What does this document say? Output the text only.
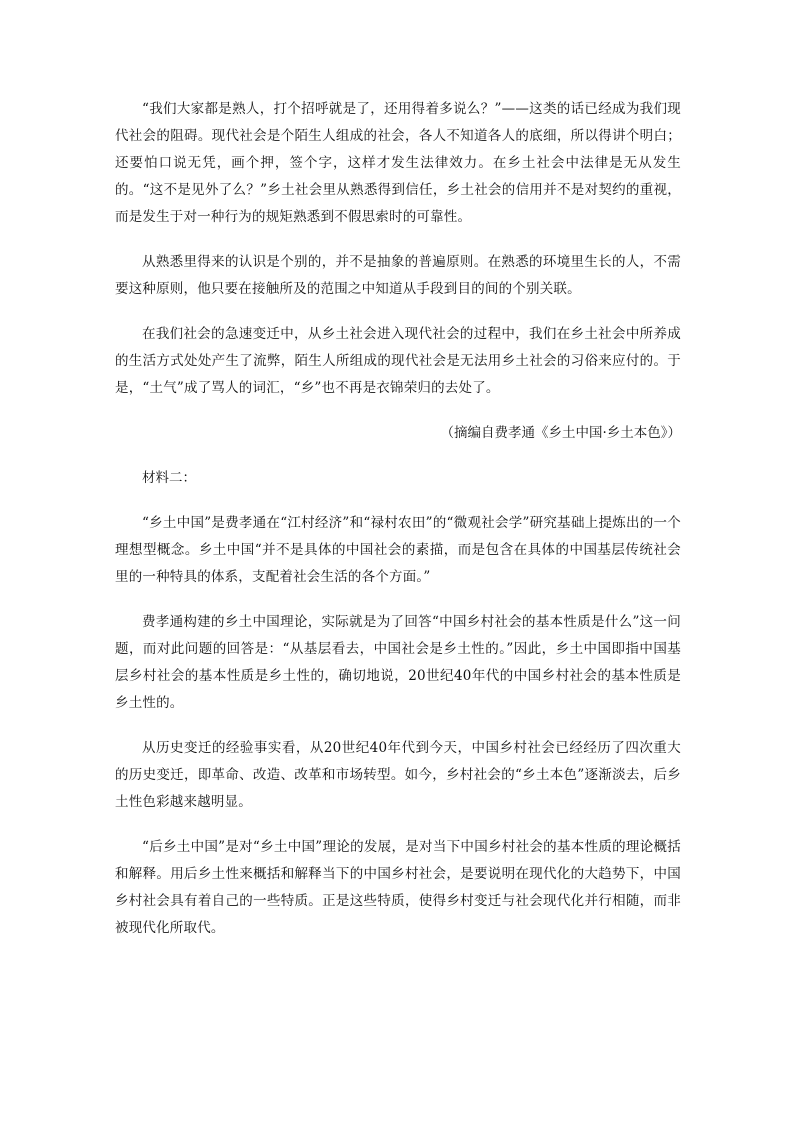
“我们大家都是熟人，打个招呼就是了，还用得着多说么？”——这类的话已经成为我们现代社会的阻碍。现代社会是个陌生人组成的社会，各人不知道各人的底细，所以得讲个明白；还要怕口说无凭，画个押，签个字，这样才发生法律效力。在乡土社会中法律是无从发生的。“这不是见外了么？”乡土社会里从熟悉得到信任，乡土社会的信用并不是对契约的重视，而是发生于对一种行为的规矩熟悉到不假思索时的可靠性。

从熟悉里得来的认识是个别的，并不是抽象的普遍原则。在熟悉的环境里生长的人，不需要这种原则，他只要在接触所及的范围之中知道从手段到目的间的个别关联。

在我们社会的急速变迁中，从乡土社会进入现代社会的过程中，我们在乡土社会中所养成的生活方式处处产生了流弊，陌生人所组成的现代社会是无法用乡土社会的习俗来应付的。于是，“土气”成了骂人的词汇，“乡”也不再是衣锦荣归的去处了。

（摘编自费孝通《乡土中国·乡土本色》）

材料二：

“乡土中国”是费孝通在“江村经济”和“禄村农田”的“微观社会学”研究基础上提炼出的一个理想型概念。乡土中国“并不是具体的中国社会的素描，而是包含在具体的中国基层传统社会里的一种特具的体系，支配着社会生活的各个方面。”

费孝通构建的乡土中国理论，实际就是为了回答“中国乡村社会的基本性质是什么”这一问题，而对此问题的回答是：“从基层看去，中国社会是乡土性的。”因此，乡土中国即指中国基层乡村社会的基本性质是乡土性的，确切地说，20世纪40年代的中国乡村社会的基本性质是乡土性的。

从历史变迁的经验事实看，从20世纪40年代到今天，中国乡村社会已经经历了四次重大的历史变迁，即革命、改造、改革和市场转型。如今，乡村社会的“乡土本色”逐渐淡去，后乡土性色彩越来越明显。

“后乡土中国”是对“乡土中国”理论的发展，是对当下中国乡村社会的基本性质的理论概括和解释。用后乡土性来概括和解释当下的中国乡村社会，是要说明在现代化的大趋势下，中国乡村社会具有着自己的一些特质。正是这些特质，使得乡村变迁与社会现代化并行相随，而非被现代化所取代。
